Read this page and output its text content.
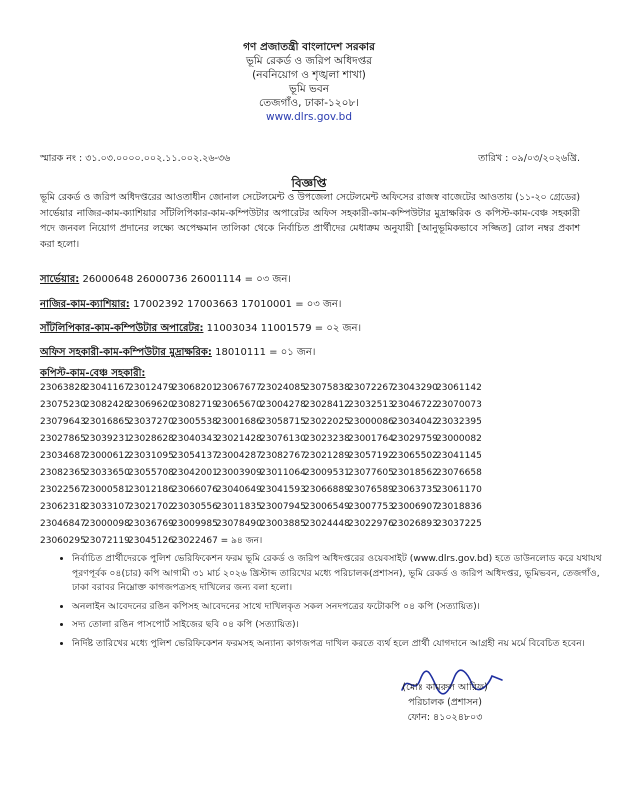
গণ প্রজাতন্ত্রী বাংলাদেশ সরকার
ভূমি রেকর্ড ও জরিপ অধিদপ্তর
(নবনিয়োগ ও শৃঙ্খলা শাখা)
ভূমি ভবন
তেজগাঁও, ঢাকা-১২০৮।
www.dlrs.gov.bd
স্মারক নং : ৩১.০৩.০০০০.০০২.১১.০০২.২৬-৩৬	তারিখ : ০৯/০৩/২০২৬খ্রি.
বিজ্ঞপ্তি
ভূমি রেকর্ড ও জরিপ অধিদপ্তরের আওতাধীন জোনাল সেটেলমেন্ট ও উপজেলা সেটেলমেন্ট অফিসের রাজস্ব বাজেটের আওতায় (১১-২০ গ্রেডের) সার্ভেয়ার নাজির-কাম-ক্যাশিয়ার সাঁটলিপিকার-কাম-কম্পিউটার অপারেটর অফিস সহকারী-কাম-কম্পিউটার মুদ্রাক্ষরিক ও কপিস্ট-কাম-বেঞ্চ সহকারী পদে জনবল নিয়োগ প্রদানের লক্ষ্যে অপেক্ষমান তালিকা থেকে নির্বাচিত প্রার্থীদের মেধাক্রম অনুযায়ী [আনুভূমিকভাবে সজ্জিত] রোল নম্বর প্রকাশ করা হলো।
সার্ভেয়ার: 26000648 26000736 26001114 = ০৩ জন।
নাজির-কাম-ক্যাশিয়ার: 17002392 17003663 17010001 = ০৩ জন।
সাঁটলিপিকার-কাম-কম্পিউটার অপারেটর: 11003034 11001579 = ০২ জন।
অফিস সহকারী-কাম-কম্পিউটার মুদ্রাক্ষরিক: 18010111 = ০১ জন।
কপিস্ট-কাম-বেঞ্চ সহকারী:
23063828230411672301247923068201230676772302408523075838230722672304329023061142
23075230230824282306962023082719230656702300427823028412230325132304672223070073
23079643230168652303727023005538230016862305871523022025230000862303404223032395
23027865230392312302862823040343230214282307613023023238230017642302975923000082
23034687230006122303109523054137230042872308276723021289230571922306550223041145
23082365230336502305570823042001230039092301106423009531230776052301856223076658
23022567230005812301218623066076230406492304159323066889230765892306373523061170
23062318230331072302170223030556230118352300794523006549230077532300690723018836
23046847230000982303676923009985230784902300388523024448230229762302689323037225
23060295230721192304512623022467 = ৯৪ জন।
• নির্বাচিত প্রার্থীদেরকে পুলিশ ভেরিফিকেশন ফরম ভূমি রেকর্ড ও জরিপ অধিদপ্তরের ওয়েবসাইট (www.dlrs.gov.bd) হতে ডাউনলোড করে যথাযথ পূরণপূর্বক ০৪(চার) কপি আগামী ৩১ মার্চ ২০২৬ খ্রিস্টাব্দ তারিখের মধ্যে পরিচালক(প্রশাসন), ভূমি রেকর্ড ও জরিপ অধিদপ্তর, ভূমিভবন, তেজগাঁও, ঢাকা বরাবর নিম্নোক্ত কাগজপত্রসহ দাখিলের জন্য বলা হলো।
• অনলাইন আবেদনের রঙিন কপিসহ আবেদনের সাথে দাখিলকৃত সকল সনদপত্রের ফটোকপি ০৪ কপি (সত্যায়িত)।
• সদ্য তোলা রঙিন পাসপোর্ট সাইজের ছবি ০৪ কপি (সত্যায়িত)।
• নির্দিষ্ট তারিখের মধ্যে পুলিশ ভেরিফিকেশন ফরমসহ অন্যান্য কাগজপত্র দাখিল করতে ব্যর্থ হলে প্রার্থী যোগদানে আগ্রহী নয় মর্মে বিবেচিত হবেন।
(মোঃ কামরুল আরিফ)
পরিচালক (প্রশাসন)
ফোন: ৪১০২৪৮০৩
